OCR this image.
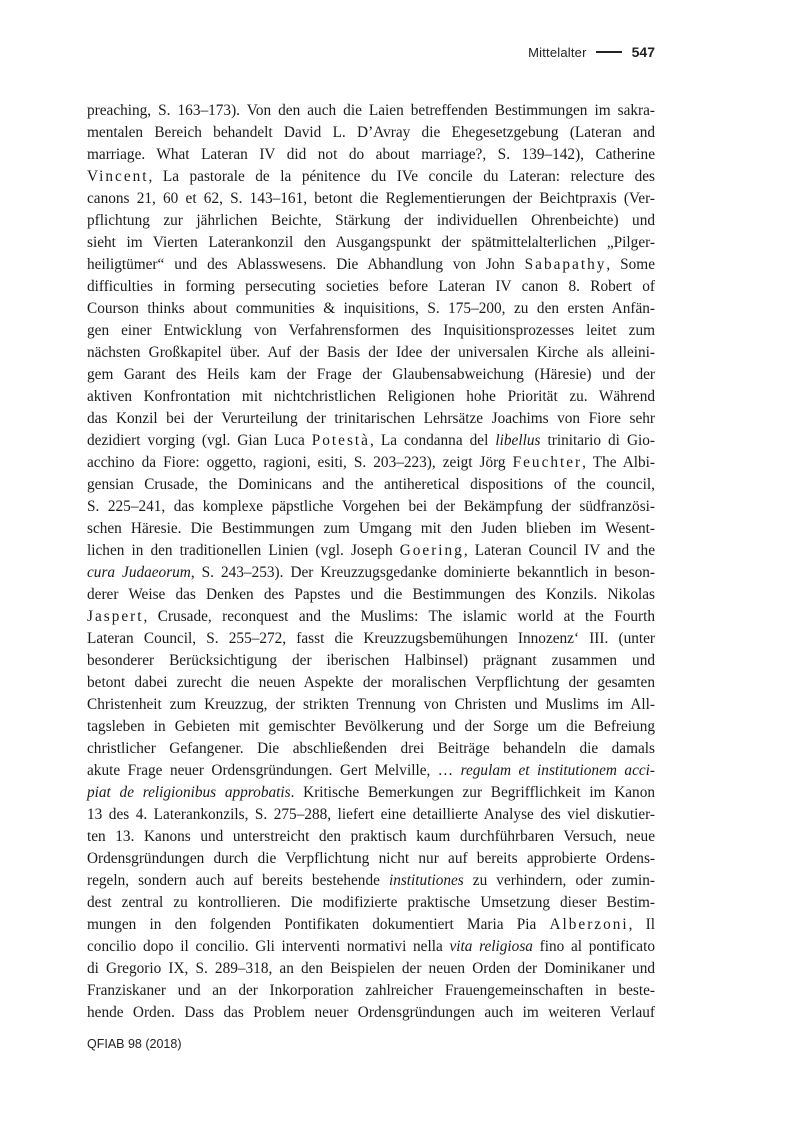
Mittelalter	547
preaching, S. 163–173). Von den auch die Laien betreffenden Bestimmungen im sakra-
mentalen Bereich behandelt David L. D’Avray die Ehegesetzgebung (Lateran and
marriage. What Lateran IV did not do about marriage?, S. 139–142), Catherine
Vincent, La pastorale de la pénitence du IVe concile du Lateran: relecture des
canons 21, 60 et 62, S. 143–161, betont die Reglementierungen der Beichtpraxis (Ver-
pflichtung zur jährlichen Beichte, Stärkung der individuellen Ohrenbeichte) und
sieht im Vierten Laterankonzil den Ausgangspunkt der spätmittelalterlichen „Pilger-
heiligtümer“ und des Ablasswesens. Die Abhandlung von John Sabapathy, Some
difficulties in forming persecuting societies before Lateran IV canon 8. Robert of
Courson thinks about communities & inquisitions, S. 175–200, zu den ersten Anfän-
gen einer Entwicklung von Verfahrensformen des Inquisitionsprozesses leitet zum
nächsten Großkapitel über. Auf der Basis der Idee der universalen Kirche als alleini-
gem Garant des Heils kam der Frage der Glaubensabweichung (Häresie) und der
aktiven Konfrontation mit nichtchristlichen Religionen hohe Priorität zu. Während
das Konzil bei der Verurteilung der trinitarischen Lehrsätze Joachims von Fiore sehr
dezidiert vorging (vgl. Gian Luca Potestà, La condanna del libellus trinitario di Gio-
acchino da Fiore: oggetto, ragioni, esiti, S. 203–223), zeigt Jörg Feuchter, The Albi-
gensian Crusade, the Dominicans and the antiheretical dispositions of the council,
S. 225–241, das komplexe päpstliche Vorgehen bei der Bekämpfung der südfranzösi-
schen Häresie. Die Bestimmungen zum Umgang mit den Juden blieben im Wesent-
lichen in den traditionellen Linien (vgl. Joseph Goering, Lateran Council IV and the
cura Judaeorum, S. 243–253). Der Kreuzzugsgedanke dominierte bekanntlich in beson-
derer Weise das Denken des Papstes und die Bestimmungen des Konzils. Nikolas
Jaspert, Crusade, reconquest and the Muslims: The islamic world at the Fourth
Lateran Council, S. 255–272, fasst die Kreuzzugsbemühungen Innozenz‘ III. (unter
besonderer Berücksichtigung der iberischen Halbinsel) prägnant zusammen und
betont dabei zurecht die neuen Aspekte der moralischen Verpflichtung der gesamten
Christenheit zum Kreuzzug, der strikten Trennung von Christen und Muslims im All-
tagsleben in Gebieten mit gemischter Bevölkerung und der Sorge um die Befreiung
christlicher Gefangener. Die abschließenden drei Beiträge behandeln die damals
akute Frage neuer Ordensgründungen. Gert Melville, … regulam et institutionem acci-
piat de religionibus approbatis. Kritische Bemerkungen zur Begrifflichkeit im Kanon
13 des 4. Laterankonzils, S. 275–288, liefert eine detaillierte Analyse des viel diskutier-
ten 13. Kanons und unterstreicht den praktisch kaum durchführbaren Versuch, neue
Ordensgründungen durch die Verpflichtung nicht nur auf bereits approbierte Ordens-
regeln, sondern auch auf bereits bestehende institutiones zu verhindern, oder zumin-
dest zentral zu kontrollieren. Die modifizierte praktische Umsetzung dieser Bestim-
mungen in den folgenden Pontifikaten dokumentiert Maria Pia Alberzoni, Il
concilio dopo il concilio. Gli interventi normativi nella vita religiosa fino al pontificato
di Gregorio IX, S. 289–318, an den Beispielen der neuen Orden der Dominikaner und
Franziskaner und an der Inkorporation zahlreicher Frauengemeinschaften in beste-
hende Orden. Dass das Problem neuer Ordensgründungen auch im weiteren Verlauf
QFIAB 98 (2018)
